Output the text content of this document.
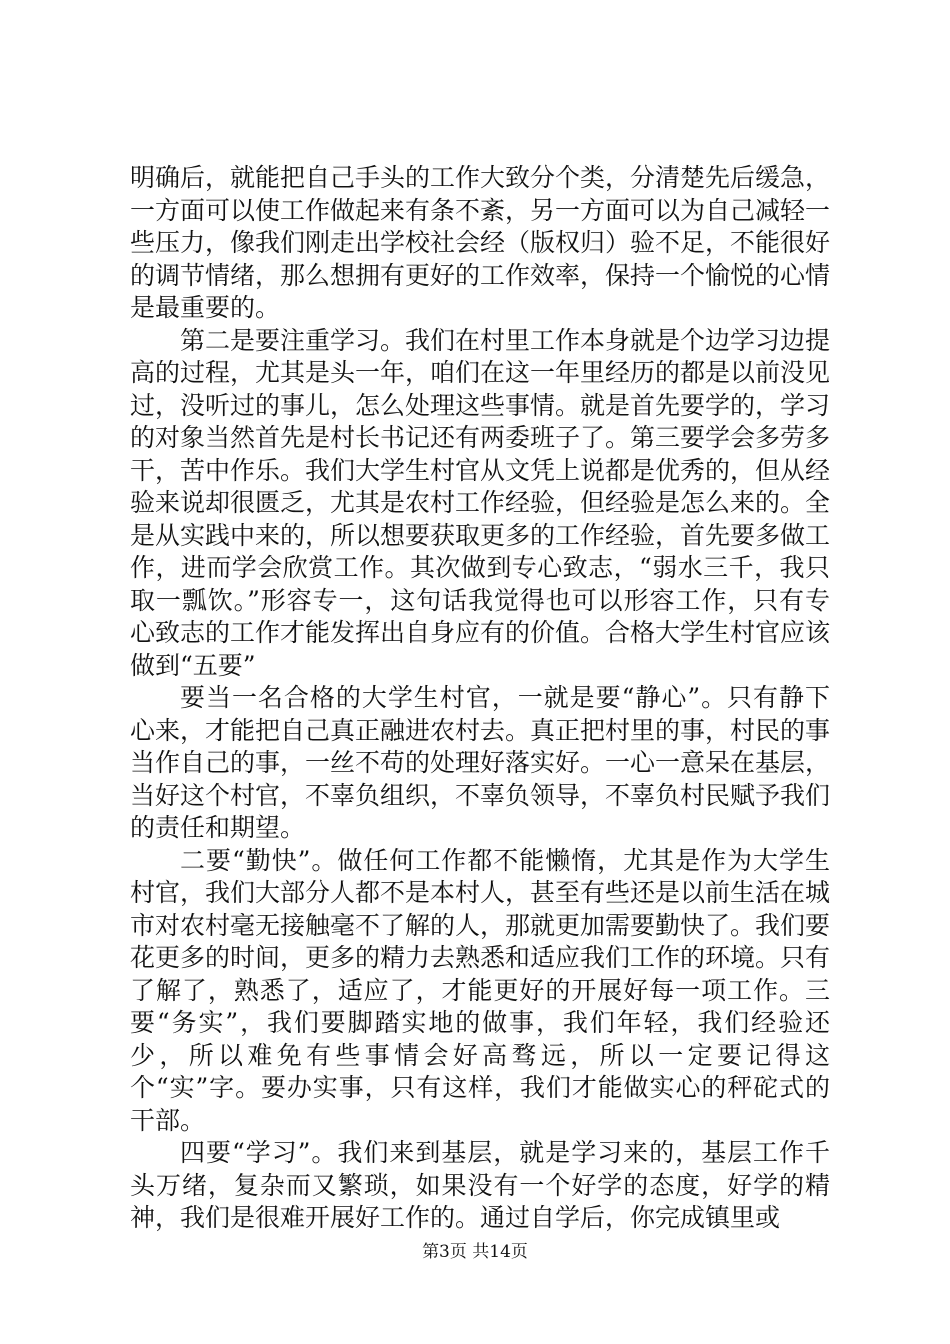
明确后，就能把自己手头的工作大致分个类，分清楚先后缓急，一方面可以使工作做起来有条不紊，另一方面可以为自己减轻一些压力，像我们刚走出学校社会经（版权归）验不足，不能很好的调节情绪，那么想拥有更好的工作效率，保持一个愉悦的心情是最重要的。

第二是要注重学习。我们在村里工作本身就是个边学习边提高的过程，尤其是头一年，咱们在这一年里经历的都是以前没见过，没听过的事儿，怎么处理这些事情。就是首先要学的，学习的对象当然首先是村长书记还有两委班子了。第三要学会多劳多干，苦中作乐。我们大学生村官从文凭上说都是优秀的，但从经验来说却很匮乏，尤其是农村工作经验，但经验是怎么来的。全是从实践中来的，所以想要获取更多的工作经验，首先要多做工作，进而学会欣赏工作。其次做到专心致志，“弱水三千，我只取一瓢饮。”形容专一，这句话我觉得也可以形容工作，只有专心致志的工作才能发挥出自身应有的价值。合格大学生村官应该做到“五要”

要当一名合格的大学生村官，一就是要“静心”。只有静下心来，才能把自己真正融进农村去。真正把村里的事，村民的事当作自己的事，一丝不苟的处理好落实好。一心一意呆在基层，当好这个村官，不辜负组织，不辜负领导，不辜负村民赋予我们的责任和期望。

二要“勤快”。做任何工作都不能懒惰，尤其是作为大学生村官，我们大部分人都不是本村人，甚至有些还是以前生活在城市对农村毫无接触毫不了解的人，那就更加需要勤快了。我们要花更多的时间，更多的精力去熟悉和适应我们工作的环境。只有了解了，熟悉了，适应了，才能更好的开展好每一项工作。三要“务实”，我们要脚踏实地的做事，我们年轻，我们经验还少，所以难免有些事情会好高骛远，所以一定要记得这个“实”字。要办实事，只有这样，我们才能做实心的秤砣式的干部。

四要“学习”。我们来到基层，就是学习来的，基层工作千头万绪，复杂而又繁琐，如果没有一个好学的态度，好学的精神，我们是很难开展好工作的。通过自学后，你完成镇里或

第3页 共14页
